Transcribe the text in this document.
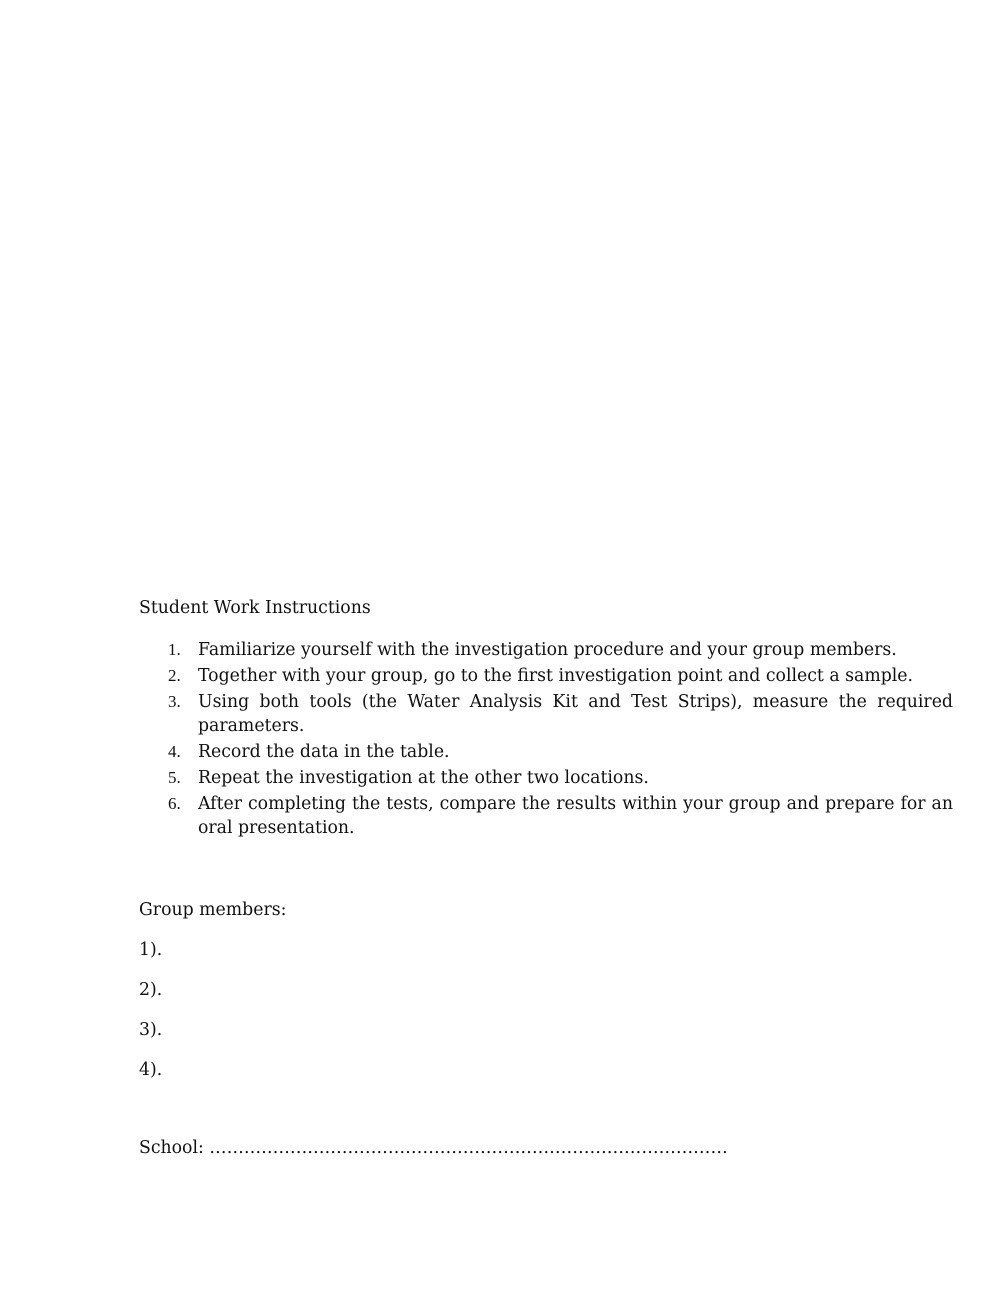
Student Work Instructions
1. Familiarize yourself with the investigation procedure and your group members.
2. Together with your group, go to the first investigation point and collect a sample.
3. Using both tools (the Water Analysis Kit and Test Strips), measure the required parameters.
4. Record the data in the table.
5. Repeat the investigation at the other two locations.
6. After completing the tests, compare the results within your group and prepare for an oral presentation.
Group members:
1).
2).
3).
4).
School: ………………………………………………………………………………
